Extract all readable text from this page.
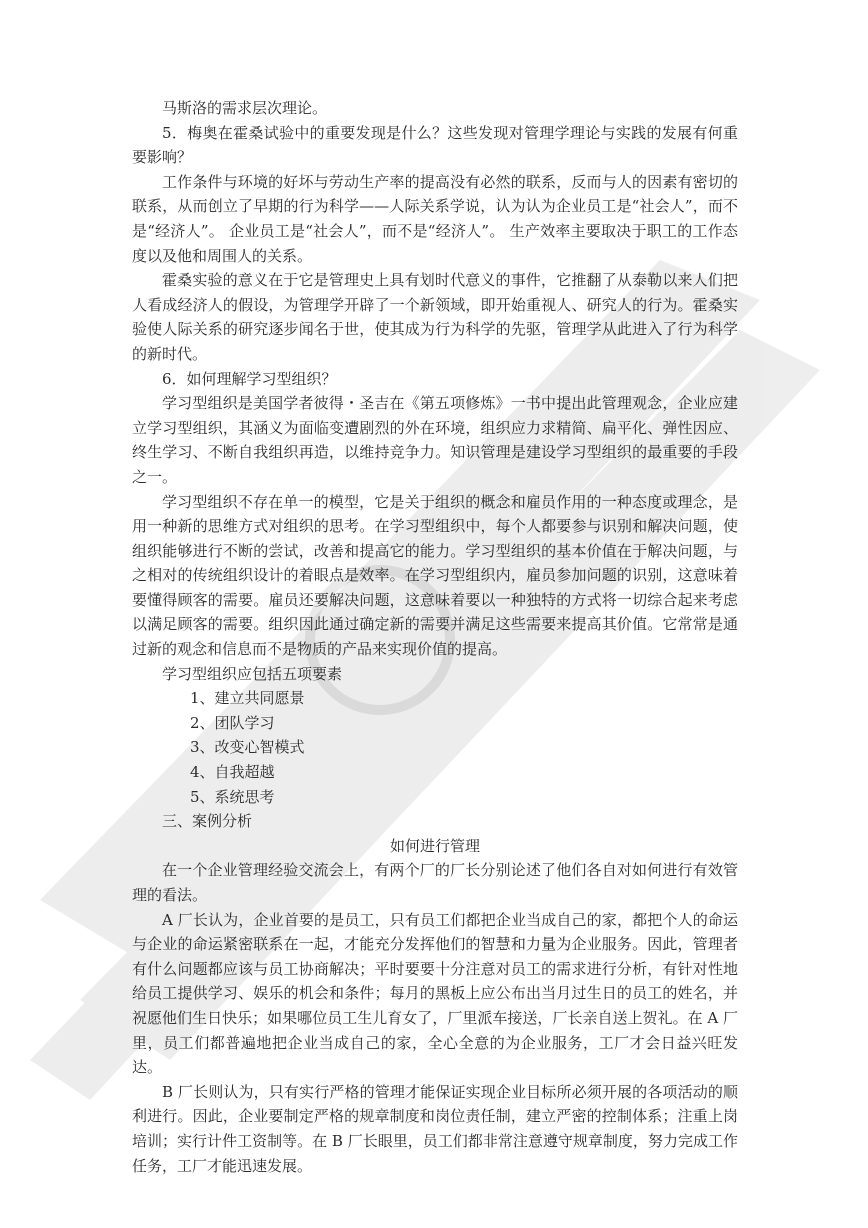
马斯洛的需求层次理论。

5．梅奥在霍桑试验中的重要发现是什么？这些发现对管理学理论与实践的发展有何重要影响？

工作条件与环境的好坏与劳动生产率的提高没有必然的联系，反而与人的因素有密切的联系，从而创立了早期的行为科学——人际关系学说，认为认为企业员工是“社会人”，而不是“经济人”。 企业员工是“社会人”，而不是“经济人”。 生产效率主要取决于职工的工作态度以及他和周围人的关系。

霍桑实验的意义在于它是管理史上具有划时代意义的事件，它推翻了从泰勒以来人们把人看成经济人的假设，为管理学开辟了一个新领域，即开始重视人、研究人的行为。霍桑实验使人际关系的研究逐步闻名于世，使其成为行为科学的先驱，管理学从此进入了行为科学的新时代。

6．如何理解学习型组织？

学习型组织是美国学者彼得・圣吉在《第五项修炼》一书中提出此管理观念，企业应建立学习型组织，其涵义为面临变遭剧烈的外在环境，组织应力求精简、扁平化、弹性因应、终生学习、不断自我组织再造，以维持竞争力。知识管理是建设学习型组织的最重要的手段之一。

学习型组织不存在单一的模型，它是关于组织的概念和雇员作用的一种态度或理念，是用一种新的思维方式对组织的思考。在学习型组织中，每个人都要参与识别和解决问题，使组织能够进行不断的尝试，改善和提高它的能力。学习型组织的基本价值在于解决问题，与之相对的传统组织设计的着眼点是效率。在学习型组织内，雇员参加问题的识别，这意味着要懂得顾客的需要。雇员还要解决问题，这意味着要以一种独特的方式将一切综合起来考虑以满足顾客的需要。组织因此通过确定新的需要并满足这些需要来提高其价值。它常常是通过新的观念和信息而不是物质的产品来实现价值的提高。

学习型组织应包括五项要素

1、建立共同愿景

2、团队学习

3、改变心智模式

4、自我超越

5、系统思考

三、案例分析

如何进行管理

在一个企业管理经验交流会上，有两个厂的厂长分别论述了他们各自对如何进行有效管理的看法。

A 厂长认为，企业首要的是员工，只有员工们都把企业当成自己的家，都把个人的命运与企业的命运紧密联系在一起，才能充分发挥他们的智慧和力量为企业服务。因此，管理者有什么问题都应该与员工协商解决；平时要要十分注意对员工的需求进行分析，有针对性地给员工提供学习、娱乐的机会和条件；每月的黑板上应公布出当月过生日的员工的姓名，并祝愿他们生日快乐；如果哪位员工生儿育女了，厂里派车接送，厂长亲自送上贺礼。在 A 厂里，员工们都普遍地把企业当成自己的家，全心全意的为企业服务，工厂才会日益兴旺发达。

B 厂长则认为，只有实行严格的管理才能保证实现企业目标所必须开展的各项活动的顺利进行。因此，企业要制定严格的规章制度和岗位责任制，建立严密的控制体系；注重上岗培训；实行计件工资制等。在 B 厂长眼里，员工们都非常注意遵守规章制度，努力完成工作任务，工厂才能迅速发展。
